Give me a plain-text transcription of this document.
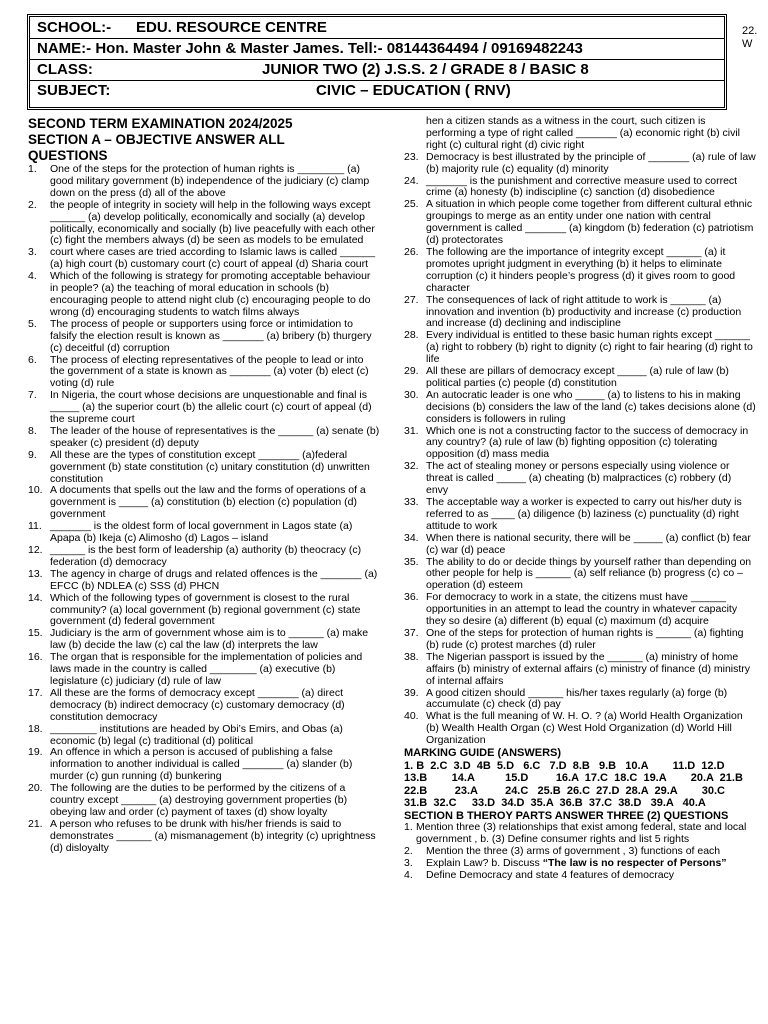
SCHOOL:- EDU. RESOURCE CENTRE
NAME:- Hon. Master John & Master James. Tell:- 08144364494 / 09169482243
CLASS:	JUNIOR TWO (2) J.S.S. 2 / GRADE 8 / BASIC 8
SUBJECT:	CIVIC – EDUCATION ( RNV)
22.
W
SECOND TERM EXAMINATION 2024/2025
SECTION A – OBJECTIVE ANSWER ALL
QUESTIONS
1.	One of the steps for the protection of human rights is ________ (a) good military government (b) independence of the judiciary (c) clamp down on the press (d) all of the above
2.	the people of integrity in society will help in the following ways except ______ (a) develop politically, economically and socially (a) develop politically, economically and socially (b) live peacefully with each other (c) fight the members always (d) be seen as models to be emulated
3.	court where cases are tried according to Islamic laws is called ______ (a) high court (b) customary court (c) court of appeal (d) Sharia court
4.	Which of the following is strategy for promoting acceptable behaviour in people? (a) the teaching of moral education in schools (b) encouraging people to attend night club (c) encouraging people to do wrong (d) encouraging students to watch films always
5.	The process of people or supporters using force or intimidation to falsify the election result is known as _______ (a) bribery (b) thurgery (c) deceitful (d) corruption
6.	The process of electing representatives of the people to lead or into the government of a state is known as _______ (a) voter (b) elect (c) voting (d) rule
7.	In Nigeria, the court whose decisions are unquestionable and final is _____ (a) the superior court (b) the allelic court (c) court of appeal (d) the supreme court
8.	The leader of the house of representatives is the ______ (a) senate (b) speaker (c) president (d) deputy
9.	All these are the types of constitution except _______ (a)federal government (b) state constitution (c) unitary constitution (d) unwritten constitution
10. A documents that spells out the law and the forms of operations of a government is _____ (a) constitution (b) election (c) population (d) government
11. _______ is the oldest form of local government in Lagos state (a) Apapa (b) Ikeja (c) Alimosho (d) Lagos – island
12. ______ is the best form of leadership (a) authority (b) theocracy (c) federation (d) democracy
13. The agency in charge of drugs and related offences is the _______ (a) EFCC (b) NDLEA (c) SSS (d) PHCN
14. Which of the following types of government is closest to the rural community? (a) local government (b) regional government (c) state government (d) federal government
15. Judiciary is the arm of government whose aim is to ______ (a) make law (b) decide the law (c) cal the law (d) interprets the law
16. The organ that is responsible for the implementation of policies and laws made in the country is called ________ (a) executive (b) legislature (c) judiciary (d) rule of law
17. All these are the forms of democracy except _______ (a) direct democracy (b) indirect democracy (c) customary democracy (d) constitution democracy
18. ________ institutions are headed by Obi’s Emirs, and Obas (a) economic (b) legal (c) traditional (d) political
19. An offence in which a person is accused of publishing a false information to another individual is called _______ (a) slander (b) murder (c) gun running (d) bunkering
20. The following are the duties to be performed by the citizens of a country except ______ (a) destroying government properties (b) obeying law and order (c) payment of taxes (d) show loyalty
21. A person who refuses to be drunk with his/her friends is said to demonstrates ______ (a) mismanagement (b) integrity (c) uprightness (d) disloyalty
hen a citizen stands as a witness in the court, such citizen is performing a type of right called _______ (a) economic right (b) civil right (c) cultural right (d) civic right
23. Democracy is best illustrated by the principle of _______ (a) rule of law (b) majority rule (c) equality (d) minority
24. _______ is the punishment and corrective measure used to correct crime (a) honesty (b) indiscipline (c) sanction (d) disobedience
25. A situation in which people come together from different cultural ethnic groupings to merge as an entity under one nation with central government is called _______ (a) kingdom (b) federation (c) patriotism (d) protectorates
26. The following are the importance of integrity except ______ (a) it promotes upright judgment in everything (b) it helps to eliminate corruption (c) it hinders people’s progress (d) it gives room to good character
27. The consequences of lack of right attitude to work is ______ (a) innovation and invention (b) productivity and increase (c) production and increase (d) declining and indiscipline
28. Every individual is entitled to these basic human rights except ______ (a) right to robbery (b) right to dignity (c) right to fair hearing (d) right to life
29. All these are pillars of democracy except _____ (a) rule of law (b) political parties (c) people (d) constitution
30. An autocratic leader is one who _____ (a) to listens to his in making decisions (b) considers the law of the land (c) takes decisions alone (d) considers is followers in ruling
31. Which one is not a constructing factor to the success of democracy in any country? (a) rule of law (b) fighting opposition (c) tolerating opposition (d) mass media
32. The act of stealing money or persons especially using violence or threat is called _____ (a) cheating (b) malpractices (c) robbery (d) envy
33. The acceptable way a worker is expected to carry out his/her duty is referred to as ____ (a) diligence (b) laziness (c) punctuality (d) right attitude to work
34. When there is national security, there will be _____ (a) conflict (b) fear (c) war (d) peace
35. The ability to do or decide things by yourself rather than depending on other people for help is ______ (a) self reliance (b) progress (c) co – operation (d) esteem
36. For democracy to work in a state, the citizens must have ______ opportunities in an attempt to lead the country in whatever capacity they so desire (a) different (b) equal (c) maximum (d) acquire
37. One of the steps for protection of human rights is ______ (a) fighting (b) rude (c) protest marches (d) ruler
38. The Nigerian passport is issued by the ______ (a) ministry of home affairs (b) ministry of external affairs (c) ministry of finance (d) ministry of internal affairs
39. A good citizen should ______ his/her taxes regularly (a) forge (b) accumulate (c) check (d) pay
40. What is the full meaning of W. H. O. ? (a) World Health Organization (b) Wealth Health Organ (c) West Hold Organization (d) World Hill Organization
MARKING GUIDE (ANSWERS)
1. B  2.C  3.D  4B  5.D   6.C   7.D  8.B   9.B   10.A        11.D  12.D
13.B        14.A          15.D         16.A  17.C  18.C  19.A        20.A  21.B
22.B         23.A         24.C   25.B  26.C  27.D  28.A  29.A        30.C
31.B  32.C     33.D  34.D  35.A  36.B  37.C  38.D   39.A   40.A
SECTION B THEROY PARTS ANSWER THREE (2) QUESTIONS
1. Mention three (3) relationships that exist among federal, state and local government , b. (3) Define consumer rights and list 5 rights
2.	Mention the three (3) arms of government , 3) functions of each
3.	Explain Law? b. Discuss “The law is no respecter of Persons”
4.	Define Democracy and state 4 features of democracy
